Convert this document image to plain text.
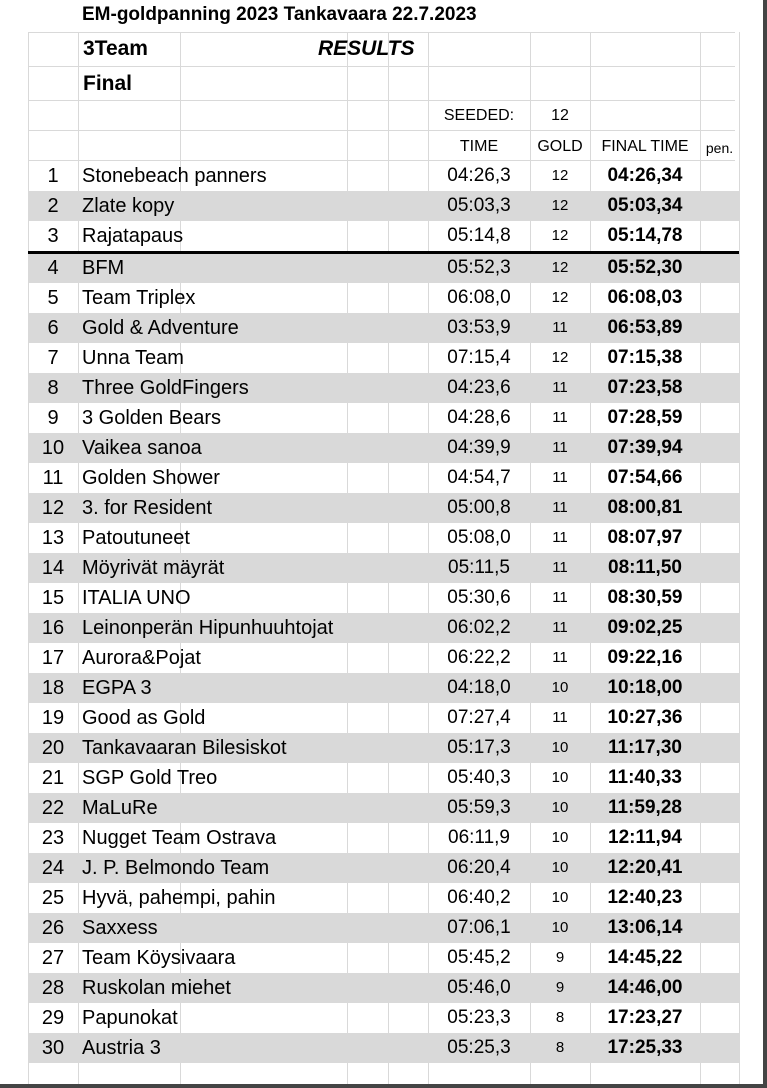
EM-goldpanning 2023 Tankavaara 22.7.2023
3Team	RESULTS
Final
SEEDED:	12
TIME	GOLD	FINAL TIME	pen.
1	Stonebeach panners	04:26,3	12	04:26,34
2	Zlate kopy	05:03,3	12	05:03,34
3	Rajatapaus	05:14,8	12	05:14,78
4	BFM	05:52,3	12	05:52,30
5	Team Triplex	06:08,0	12	06:08,03
6	Gold & Adventure	03:53,9	11	06:53,89
7	Unna Team	07:15,4	12	07:15,38
8	Three GoldFingers	04:23,6	11	07:23,58
9	3 Golden Bears	04:28,6	11	07:28,59
10 Vaikea sanoa	04:39,9	11	07:39,94
11 Golden Shower	04:54,7	11	07:54,66
12 3. for Resident	05:00,8	11	08:00,81
13 Patoutuneet	05:08,0	11	08:07,97
14 Möyrivät mäyrät	05:11,5	11	08:11,50
15 ITALIA UNO	05:30,6	11	08:30,59
16 Leinonperän Hipunhuuhtojat	06:02,2	11	09:02,25
17 Aurora&Pojat	06:22,2	11	09:22,16
18 EGPA 3	04:18,0	10	10:18,00
19 Good as Gold	07:27,4	11	10:27,36
20 Tankavaaran Bilesiskot	05:17,3	10	11:17,30
21 SGP Gold Treo	05:40,3	10	11:40,33
22 MaLuRe	05:59,3	10	11:59,28
23 Nugget Team Ostrava	06:11,9	10	12:11,94
24 J. P. Belmondo Team	06:20,4	10	12:20,41
25 Hyvä, pahempi, pahin	06:40,2	10	12:40,23
26 Saxxess	07:06,1	10	13:06,14
27 Team Köysivaara	05:45,2	9	14:45,22
28 Ruskolan miehet	05:46,0	9	14:46,00
29 Papunokat	05:23,3	8	17:23,27
30 Austria 3	05:25,3	8	17:25,33
